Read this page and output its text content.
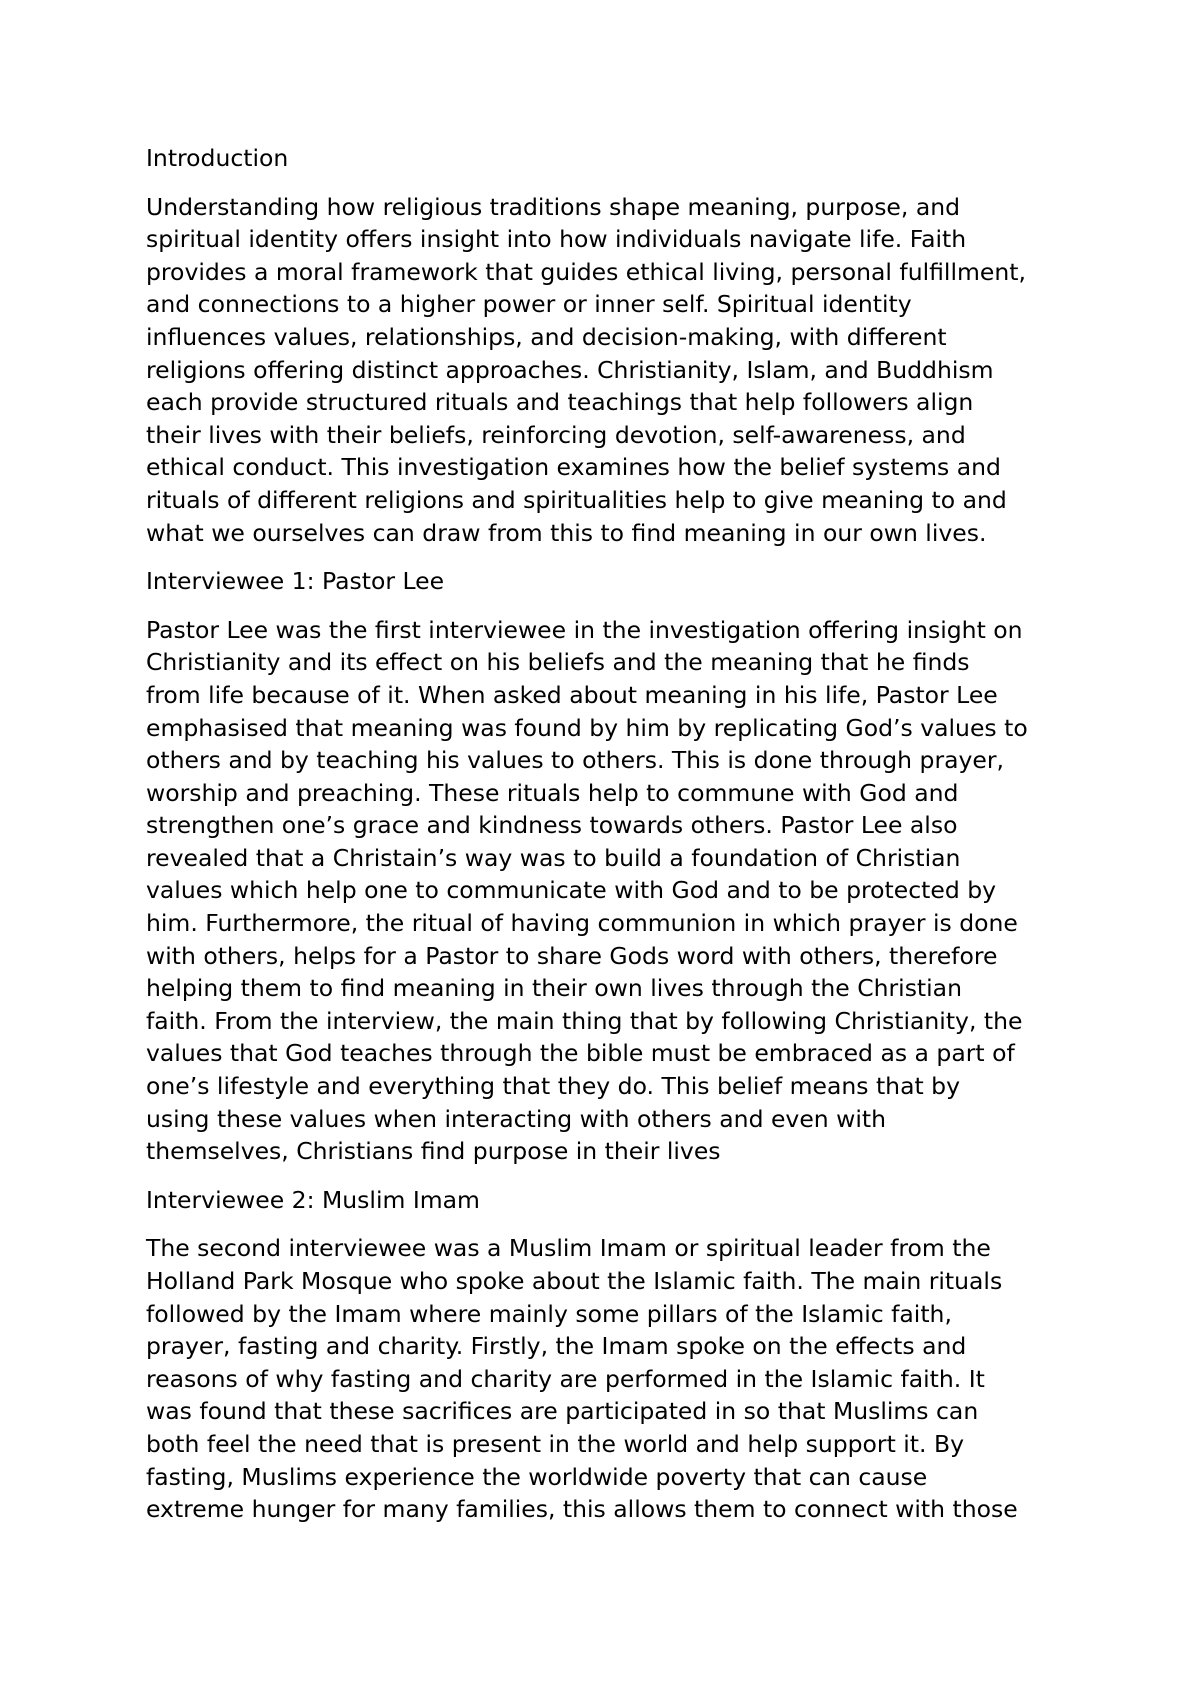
Introduction
Understanding how religious traditions shape meaning, purpose, and
spiritual identity offers insight into how individuals navigate life. Faith
provides a moral framework that guides ethical living, personal fulfillment,
and connections to a higher power or inner self. Spiritual identity
influences values, relationships, and decision-making, with different
religions offering distinct approaches. Christianity, Islam, and Buddhism
each provide structured rituals and teachings that help followers align
their lives with their beliefs, reinforcing devotion, self-awareness, and
ethical conduct. This investigation examines how the belief systems and
rituals of different religions and spiritualities help to give meaning to and
what we ourselves can draw from this to find meaning in our own lives.
Interviewee 1: Pastor Lee
Pastor Lee was the first interviewee in the investigation offering insight on
Christianity and its effect on his beliefs and the meaning that he finds
from life because of it. When asked about meaning in his life, Pastor Lee
emphasised that meaning was found by him by replicating God’s values to
others and by teaching his values to others. This is done through prayer,
worship and preaching. These rituals help to commune with God and
strengthen one’s grace and kindness towards others. Pastor Lee also
revealed that a Christain’s way was to build a foundation of Christian
values which help one to communicate with God and to be protected by
him. Furthermore, the ritual of having communion in which prayer is done
with others, helps for a Pastor to share Gods word with others, therefore
helping them to find meaning in their own lives through the Christian
faith. From the interview, the main thing that by following Christianity, the
values that God teaches through the bible must be embraced as a part of
one’s lifestyle and everything that they do. This belief means that by
using these values when interacting with others and even with
themselves, Christians find purpose in their lives
Interviewee 2: Muslim Imam
The second interviewee was a Muslim Imam or spiritual leader from the
Holland Park Mosque who spoke about the Islamic faith. The main rituals
followed by the Imam where mainly some pillars of the Islamic faith,
prayer, fasting and charity. Firstly, the Imam spoke on the effects and
reasons of why fasting and charity are performed in the Islamic faith. It
was found that these sacrifices are participated in so that Muslims can
both feel the need that is present in the world and help support it. By
fasting, Muslims experience the worldwide poverty that can cause
extreme hunger for many families, this allows them to connect with those
